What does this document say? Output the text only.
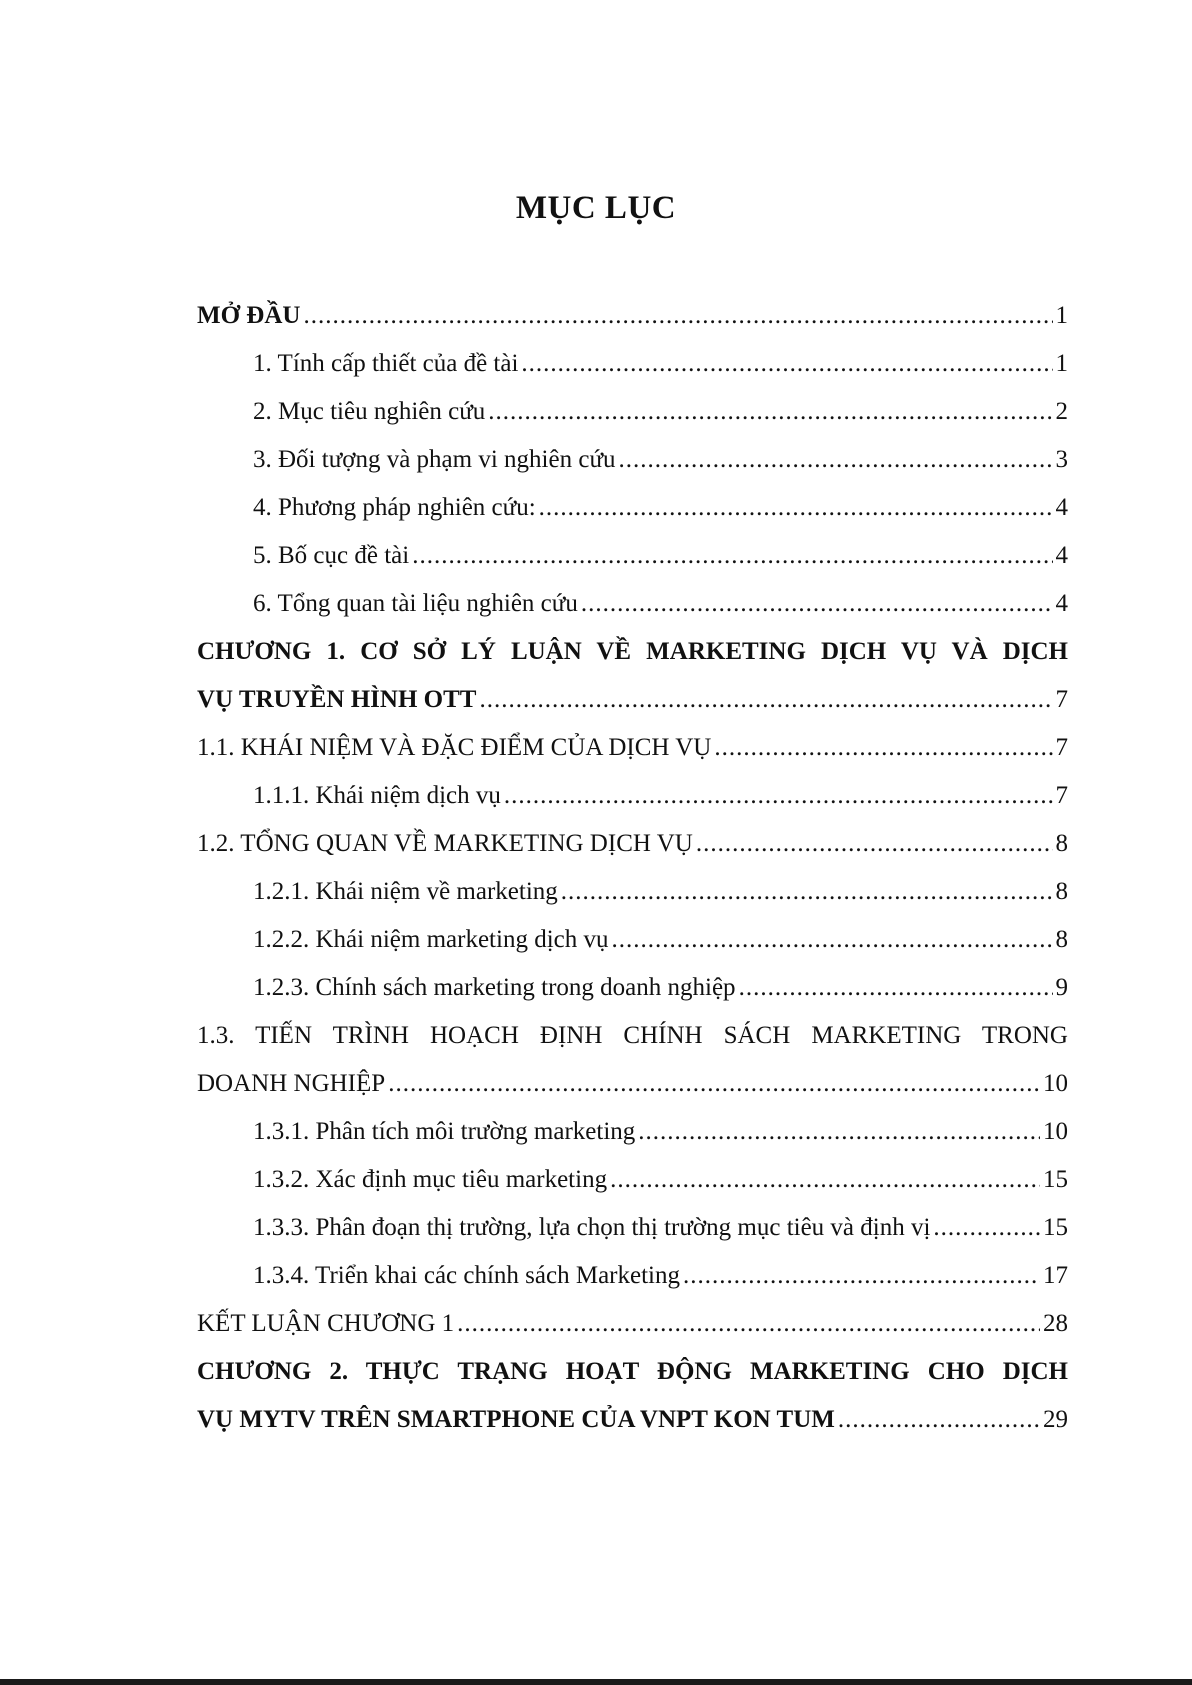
MỤC LỤC
MỞ ĐẦU .....	1
1. Tính cấp thiết của đề tài .....	1
2. Mục tiêu nghiên cứu .....	2
3. Đối tượng và phạm vi nghiên cứu .....	3
4. Phương pháp nghiên cứu: .....	4
5. Bố cục đề tài .....	4
6. Tổng quan tài liệu nghiên cứu .....	4
CHƯƠNG 1. CƠ SỞ LÝ LUẬN VỀ MARKETING DỊCH VỤ VÀ DỊCH
VỤ TRUYỀN HÌNH OTT .....	7
1.1. KHÁI NIỆM VÀ ĐẶC ĐIỂM CỦA DỊCH VỤ .....	7
1.1.1. Khái niệm dịch vụ .....	7
1.2. TỔNG QUAN VỀ MARKETING DỊCH VỤ .....	8
1.2.1. Khái niệm về marketing .....	8
1.2.2. Khái niệm marketing dịch vụ .....	8
1.2.3. Chính sách marketing trong doanh nghiệp .....	9
1.3. TIẾN TRÌNH HOẠCH ĐỊNH CHÍNH SÁCH MARKETING TRONG
DOANH NGHIỆP .....	10
1.3.1. Phân tích môi trường marketing .....	10
1.3.2. Xác định mục tiêu marketing .....	15
1.3.3. Phân đoạn thị trường, lựa chọn thị trường mục tiêu và định vị .....	15
1.3.4. Triển khai các chính sách Marketing .....	17
KẾT LUẬN CHƯƠNG 1 .....	28
CHƯƠNG 2. THỰC TRẠNG HOẠT ĐỘNG MARKETING CHO DỊCH
VỤ MYTV TRÊN SMARTPHONE CỦA VNPT KON TUM .....	29
